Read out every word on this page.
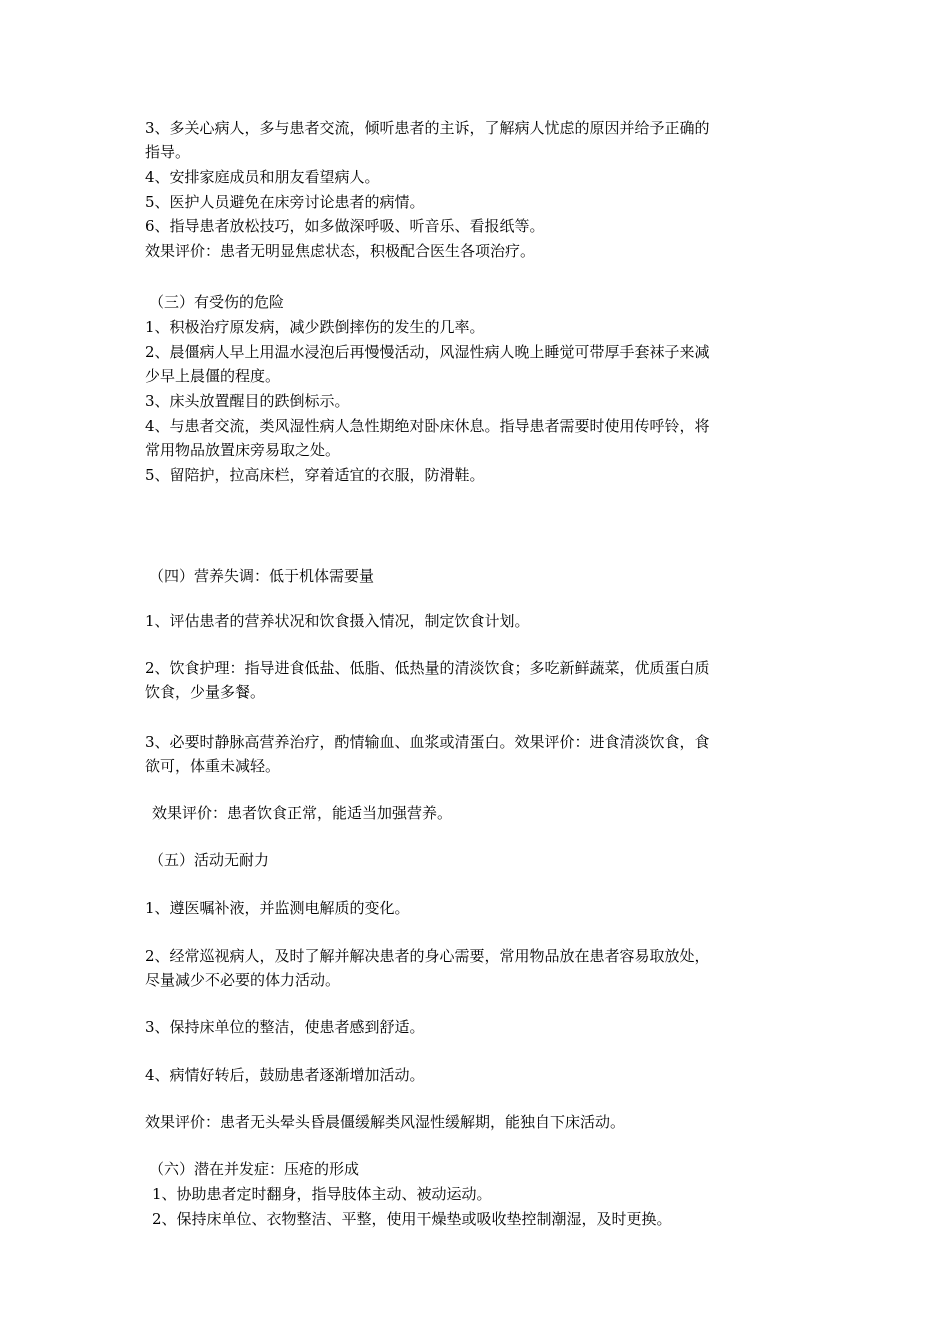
3、多关心病人，多与患者交流，倾听患者的主诉，了解病人忧虑的原因并给予正确的
指导。
4、安排家庭成员和朋友看望病人。
5、医护人员避免在床旁讨论患者的病情。
6、指导患者放松技巧，如多做深呼吸、听音乐、看报纸等。
效果评价：患者无明显焦虑状态，积极配合医生各项治疗。
（三）有受伤的危险
1、积极治疗原发病，减少跌倒摔伤的发生的几率。
2、晨僵病人早上用温水浸泡后再慢慢活动，风湿性病人晚上睡觉可带厚手套袜子来减
少早上晨僵的程度。
3、床头放置醒目的跌倒标示。
4、与患者交流，类风湿性病人急性期绝对卧床休息。指导患者需要时使用传呼铃，将
常用物品放置床旁易取之处。
5、留陪护，拉高床栏，穿着适宜的衣服，防滑鞋。
（四）营养失调：低于机体需要量
1、评估患者的营养状况和饮食摄入情况，制定饮食计划。
2、饮食护理：指导进食低盐、低脂、低热量的清淡饮食；多吃新鲜蔬菜，优质蛋白质
饮食，少量多餐。
3、必要时静脉高营养治疗，酌情输血、血浆或清蛋白。效果评价：进食清淡饮食，食
欲可，体重未减轻。
效果评价：患者饮食正常，能适当加强营养。
（五）活动无耐力
1、遵医嘱补液，并监测电解质的变化。
2、经常巡视病人，及时了解并解决患者的身心需要，常用物品放在患者容易取放处，
尽量减少不必要的体力活动。
3、保持床单位的整洁，使患者感到舒适。
4、病情好转后，鼓励患者逐渐增加活动。
效果评价：患者无头晕头昏晨僵缓解类风湿性缓解期，能独自下床活动。
（六）潜在并发症：压疮的形成
1、协助患者定时翻身，指导肢体主动、被动运动。
2、保持床单位、衣物整洁、平整，使用干燥垫或吸收垫控制潮湿，及时更换。
